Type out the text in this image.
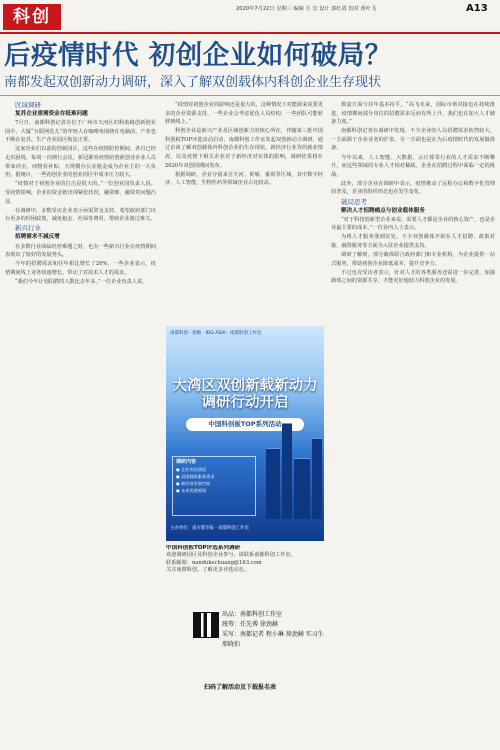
科创	2020年7月22日 星期三 编辑 方 宏 设计 郭红霞 校对 黄叶飞	A13
后疫情时代 初创企业如何破局？
南都发起双创新动力调研，深入了解双创载体内科创企业生存现状

区域调研

复苏企业亟需资金存抵难问题

7月日，南都科创记者在位于广州市天河区的科韵路创新创业园中，大厦“互联网范儿”的年轻人在咖啡角围绕在电脑前，产业也不断在复苏，生产企业园区恢复正常。

这家企业们以前的创新园区，这些在疫情防控期间，各自已经走出困境，每周一次例行会议，新冠肺炎疫情给创新创业企业人员带来冲击，而物业补贴、大规模办公室租金成为企业主的一大负担。据统计，一些初创企业的创业园区中成本压力较大。

“疫情对于初创企业的打击是很大的，”一位创业园负责人说。受疫情影响，企业的资金链出现紧张状况，融资难、融资贵问题凸显。

在调研中，多数受访企业表示亟需资金支持，希望政府部门出台更多的纾困政策，减免租金、社保等费用，帮助企业渡过难关。

新兴行业

招聘需求不减反增

在多数行业面临经营难题之时，也有一些新兴行业在疫情期间表现出了较好的发展势头。

今年的招聘需求和往年相比增长了20%，一些企业表示，疫情期间线上业务快速增长，带动了对技术人才的需求。

“我们今年计划招聘的人数比去年多。”一位企业负责人说。

“疫情对初创企业的影响还是很大的，这种情况下对能源来说要更多的企业资源支持，一些企业会考虑优化人员结构，一些团队可能转移到线上。”

科创企业是新兴产业及区域创新力的核心所在，伴随第三批中国科创板TOP评选活动启动，南都科创工作室发起双创新动力调研，通过访谈了解双创载体内科创企业的生存现状、新经济行业等的就业情况，以及疫情下相关企业对于新经济对实体的影响，调研结果将在2020年双创周期间发布。

根据调研，企业分别来自天河、黄埔、番禺等区域，其中数字经济、人工智能、生物医药等领域企业占比较高。

南都科创 · 指数 · IDG ASIA · 南都科创工作室
大湾区双创新载新动力调研行动开启
中国科创板TOP系列活动
调研内容
● 企业实际情况
● 双创载体服务需求
● 新经济发展空间
● 未来发展规划
主办单位：南方都市报 · 南都科创工作室
中国科创板TOP评选系列调研
欢迎调研园区及科创企业参与，请联系南都科创工作室。
联系邮箱：nandukechuang@163.com
关注南都科创，了解更多评选动态。
出品：南都科创工作室
统筹：任先博 徐劲赫
采写：南都记者 程小琳 徐劲赫 实习生 邢晓伯
扫码了解活动及下载报名表

数量方面与往年基本持平。“高飞未来，国际市场对接也在持续推进，疫情期间部分岗位的招聘需求反而有所上升，我们也在加大人才储备力度。”

南都科创记者在调研中发现，不少企业的人员招聘需求依然较大，一方面源于企业业务的扩张，另一方面也是在为后疫情时代的发展做准备。

今年以来，人工智能、大数据、云计算等行业的人才需求不断攀升，而这些领域的专业人才相对稀缺，企业在招聘过程中面临一定的挑战。

此外，部分企业在调研中表示，疫情推动了远程办公和数字化管理的普及，企业的组织形态也在发生变化。

破局思考

解决人才招聘痛点与创业载体服务

“对于科技创新型企业来说，需要人才都是企业的核心资产，也是企业最主要的成本。”一位业内人士表示。

为将人才服务落到实处，不少双创载体开始在人才招聘、政策对接、融资服务等方面为入驻企业提供支持。

调研了解到，部分载体联合政府部门和专业机构，为企业提供一站式服务，帮助初创企业降低成本，提升竞争力。

不过也有受访者表示，针对人才的各类服务还需进一步完善，加强载体之间的资源共享，才能更好地助力科创企业的发展。
